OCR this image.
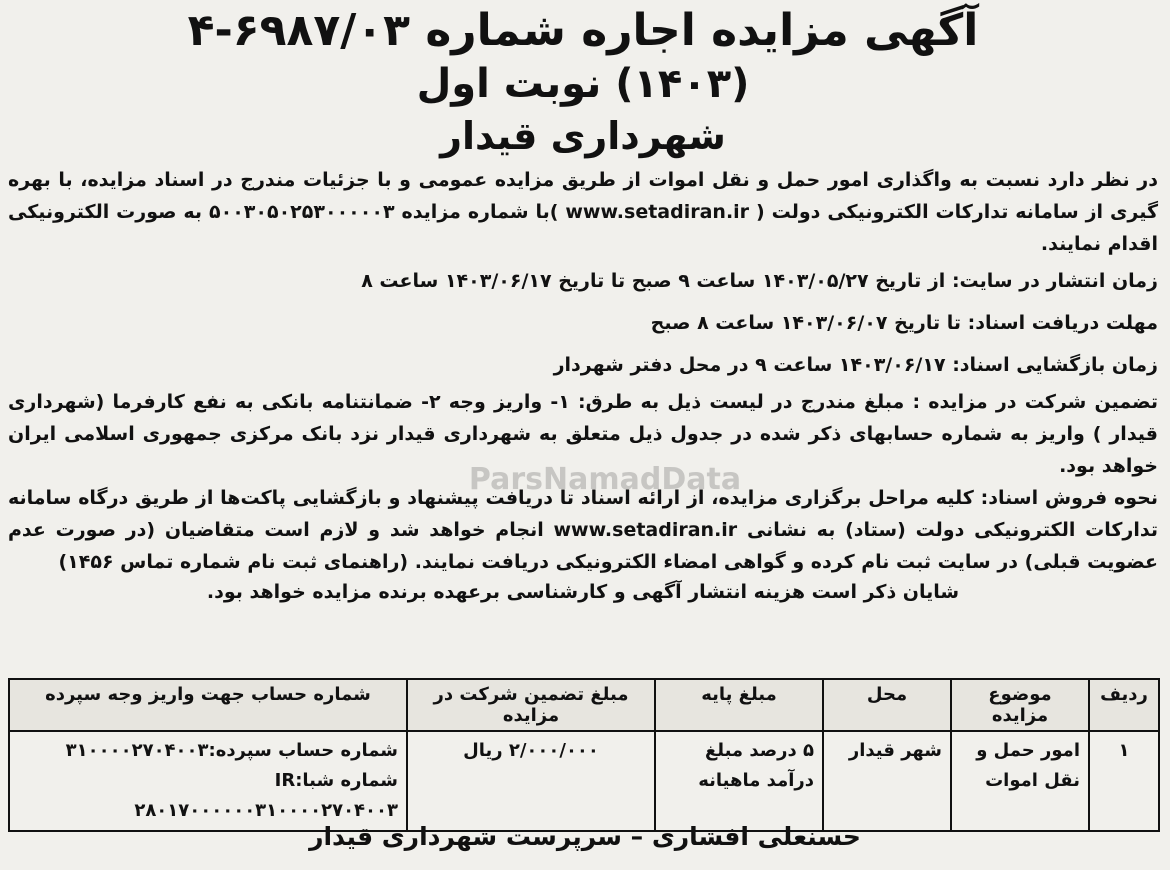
آگهی مزایده اجاره شماره ۶۹۸۷/۰۳-۴
(۱۴۰۳) نوبت اول
شهرداری قیدار

در نظر دارد نسبت به واگذاری امور حمل و نقل اموات از طریق مزایده عمومی و با جزئیات مندرج در اسناد مزایده، با بهره گیری از سامانه تدارکات الکترونیکی دولت ( www.setadiran.ir )با شماره مزایده ۵۰۰۳۰۵۰۲۵۳۰۰۰۰۰۳ به صورت الکترونیکی اقدام نمایند.

زمان انتشار در سایت: از تاریخ ۱۴۰۳/۰۵/۲۷ ساعت ۹ صبح تا تاریخ ۱۴۰۳/۰۶/۱۷ ساعت ۸

مهلت دریافت اسناد: تا تاریخ ۱۴۰۳/۰۶/۰۷ ساعت ۸ صبح

زمان بازگشایی اسناد: ۱۴۰۳/۰۶/۱۷ ساعت ۹ در محل دفتر شهردار

تضمین شرکت در مزایده : مبلغ مندرج در لیست ذیل به طرق: ۱- واریز وجه ۲- ضمانتنامه بانکی به نفع کارفرما (شهرداری قیدار ) واریز به شماره حسابهای ذکر شده در جدول ذیل متعلق به شهرداری قیدار نزد بانک مرکزی جمهوری اسلامی ایران خواهد بود.

نحوه فروش اسناد: کلیه مراحل برگزاری مزایده، از ارائه اسناد تا دریافت پیشنهاد و بازگشایی پاکت‌ها از طریق درگاه سامانه تدارکات الکترونیکی دولت (ستاد) به نشانی www.setadiran.ir انجام خواهد شد و لازم است متقاضیان (در صورت عدم عضویت قبلی) در سایت ثبت نام کرده و گواهی امضاء الکترونیکی دریافت نمایند. (راهنمای ثبت نام شماره تماس ۱۴۵۶)

شایان ذکر است هزینه انتشار آگهی و کارشناسی برعهده برنده مزایده خواهد بود.

ParsNamadData
ردیف	موضوع مزایده	محل	مبلغ پایه	مبلغ تضمین شرکت در مزایده	شماره حساب جهت واریز وجه سپرده
۱	امور حمل و نقل اموات	شهر قیدار	۵ درصد مبلغ درآمد ماهیانه	۲/۰۰۰/۰۰۰ ریال	شماره حساب سپرده:۳۱۰۰۰۰۲۷۰۴۰۰۳
شماره شبا:IR ۲۸۰۱۷۰۰۰۰۰۰۳۱۰۰۰۰۲۷۰۴۰۰۳
حسنعلی افشاری – سرپرست شهرداری قیدار
